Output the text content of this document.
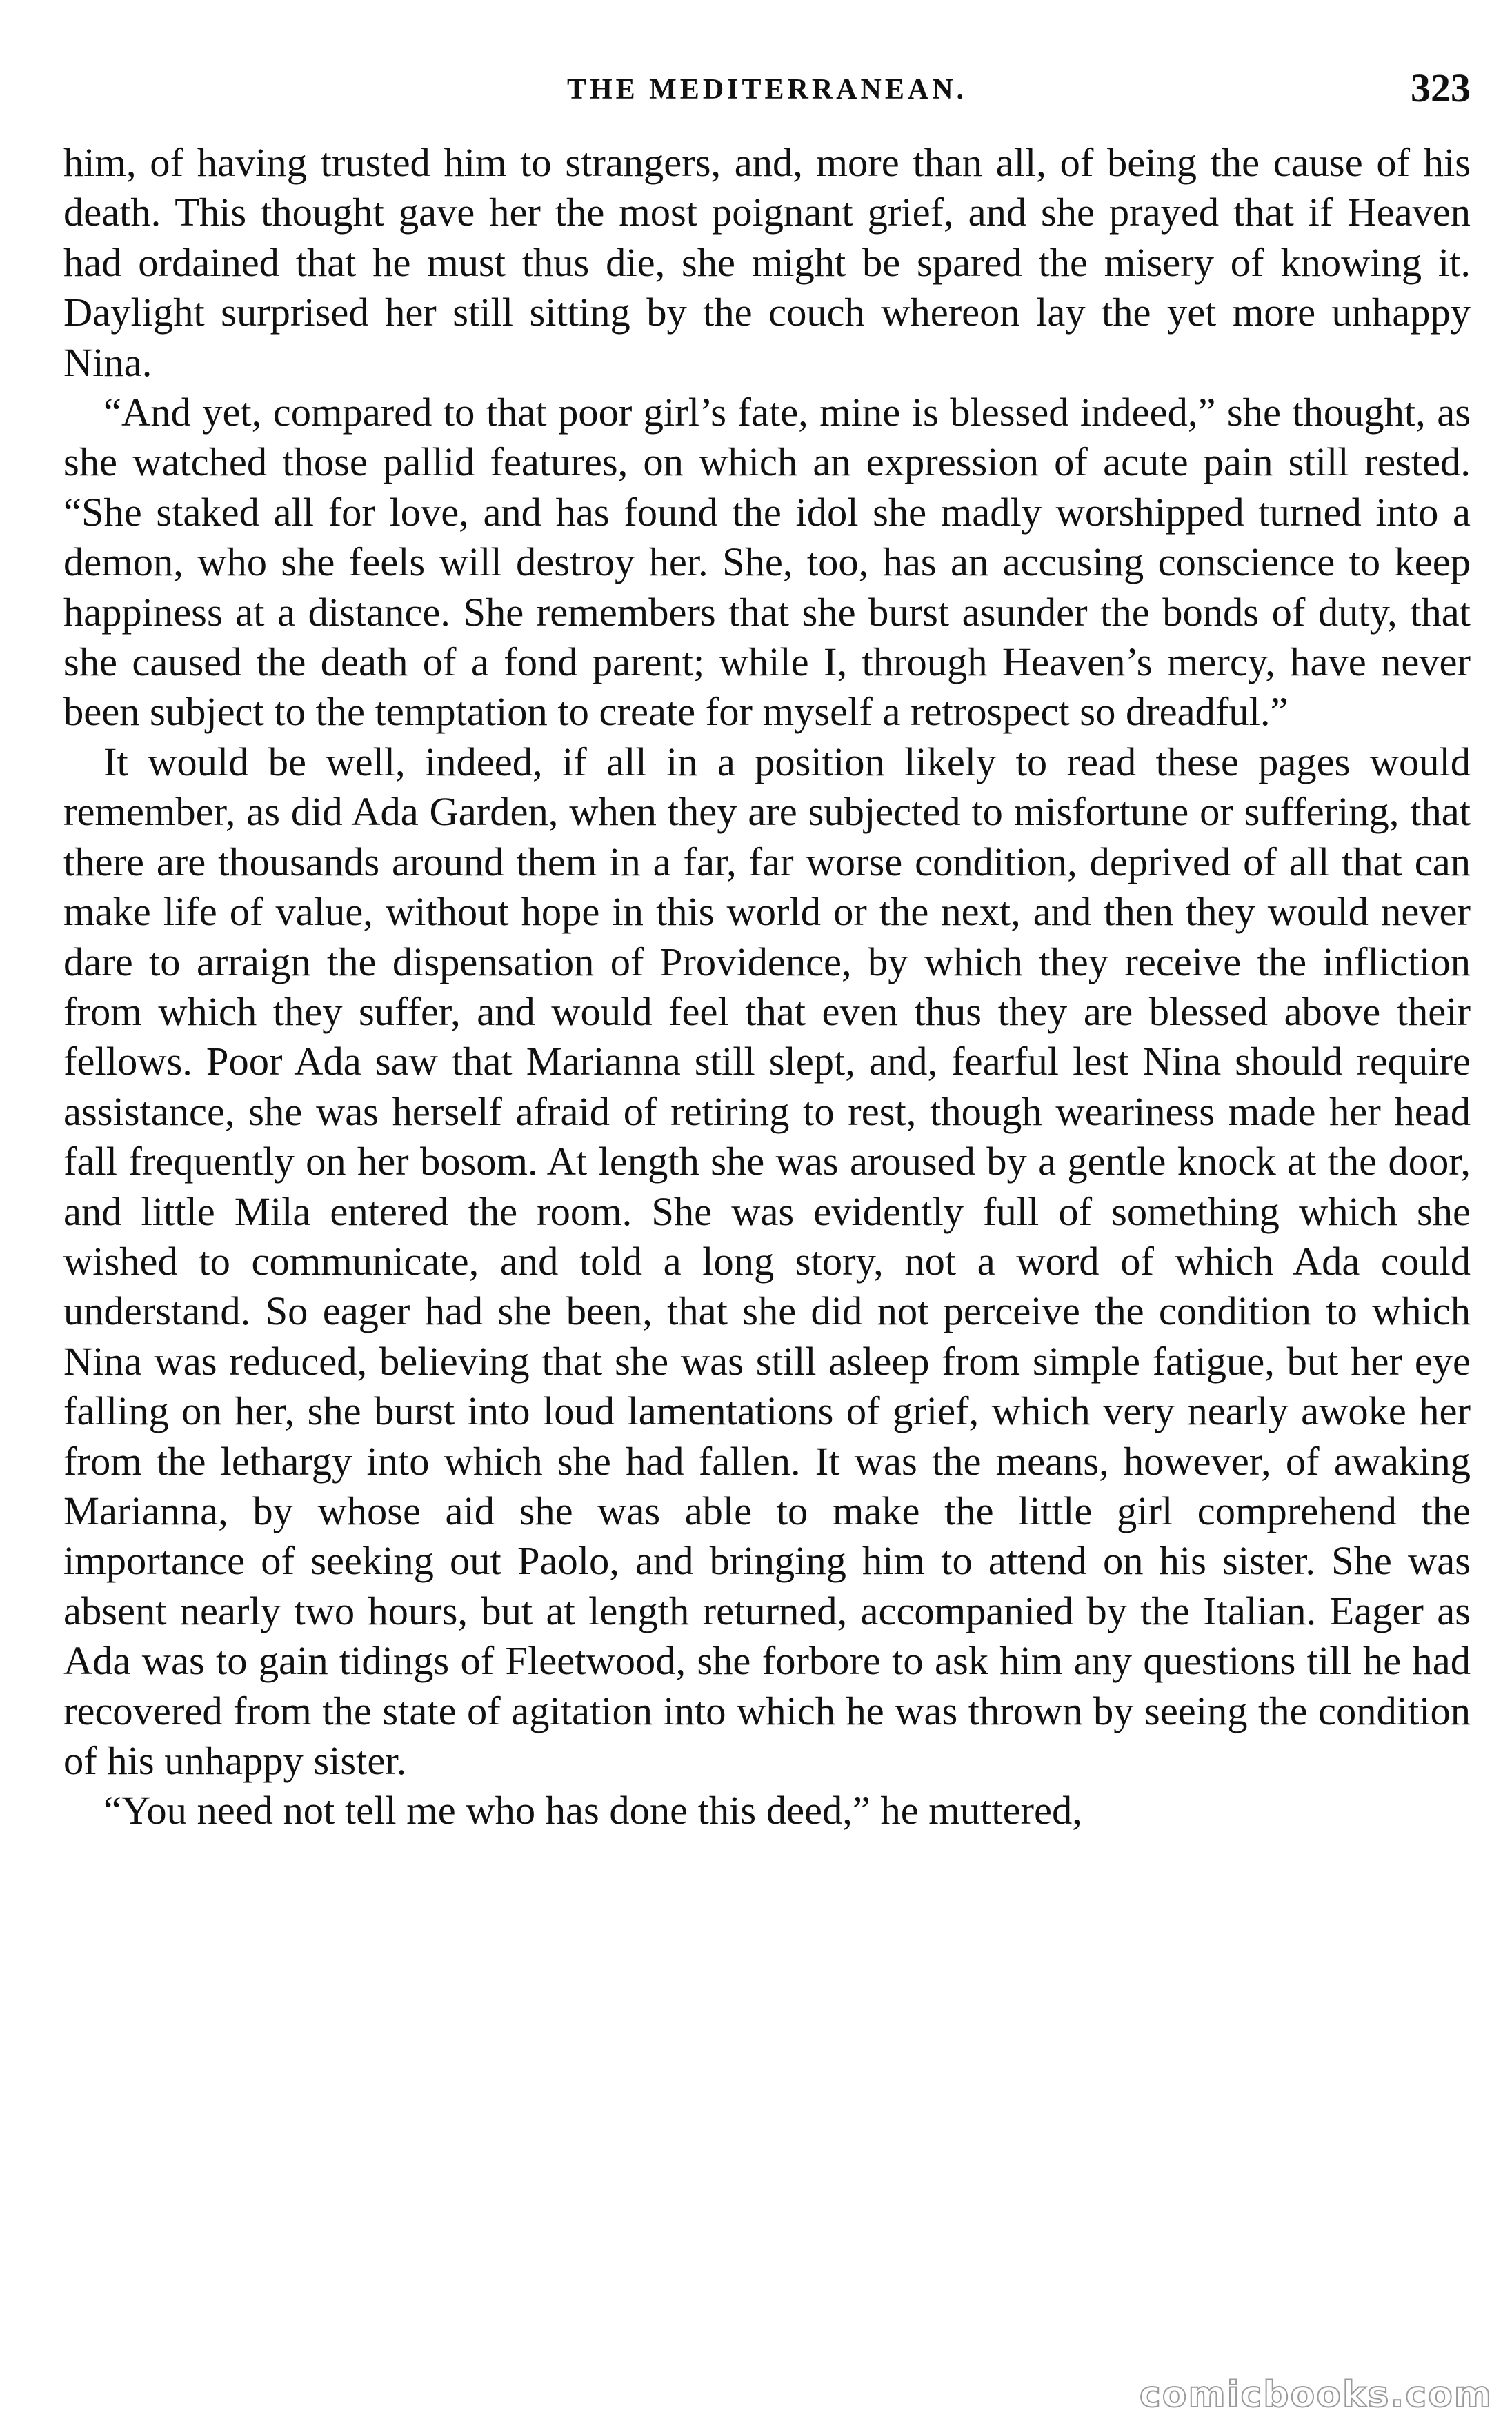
THE MEDITERRANEAN.	323

him, of having trusted him to strangers, and, more than all, of being the cause of his death. This thought gave her the most poignant grief, and she prayed that if Heaven had ordained that he must thus die, she might be spared the misery of knowing it. Daylight surprised her still sitting by the couch whereon lay the yet more unhappy Nina.

“And yet, compared to that poor girl’s fate, mine is blessed indeed,” she thought, as she watched those pallid features, on which an expression of acute pain still rested. “She staked all for love, and has found the idol she madly worshipped turned into a demon, who she feels will destroy her. She, too, has an accusing conscience to keep happiness at a distance. She remembers that she burst asunder the bonds of duty, that she caused the death of a fond parent; while I, through Heaven’s mercy, have never been subject to the temptation to create for myself a retrospect so dreadful.”

It would be well, indeed, if all in a position likely to read these pages would remember, as did Ada Garden, when they are subjected to misfortune or suffering, that there are thousands around them in a far, far worse condition, deprived of all that can make life of value, without hope in this world or the next, and then they would never dare to arraign the dispensation of Providence, by which they receive the infliction from which they suffer, and would feel that even thus they are blessed above their fellows. Poor Ada saw that Marianna still slept, and, fearful lest Nina should require assistance, she was herself afraid of retiring to rest, though weariness made her head fall frequently on her bosom. At length she was aroused by a gentle knock at the door, and little Mila entered the room. She was evidently full of something which she wished to communicate, and told a long story, not a word of which Ada could understand. So eager had she been, that she did not perceive the condition to which Nina was reduced, believing that she was still asleep from simple fatigue, but her eye falling on her, she burst into loud lamentations of grief, which very nearly awoke her from the lethargy into which she had fallen. It was the means, however, of awaking Marianna, by whose aid she was able to make the little girl comprehend the importance of seeking out Paolo, and bringing him to attend on his sister. She was absent nearly two hours, but at length returned, accompanied by the Italian. Eager as Ada was to gain tidings of Fleetwood, she forbore to ask him any questions till he had recovered from the state of agitation into which he was thrown by seeing the condition of his unhappy sister.

“You need not tell me who has done this deed,” he muttered,

comicbooks.com
